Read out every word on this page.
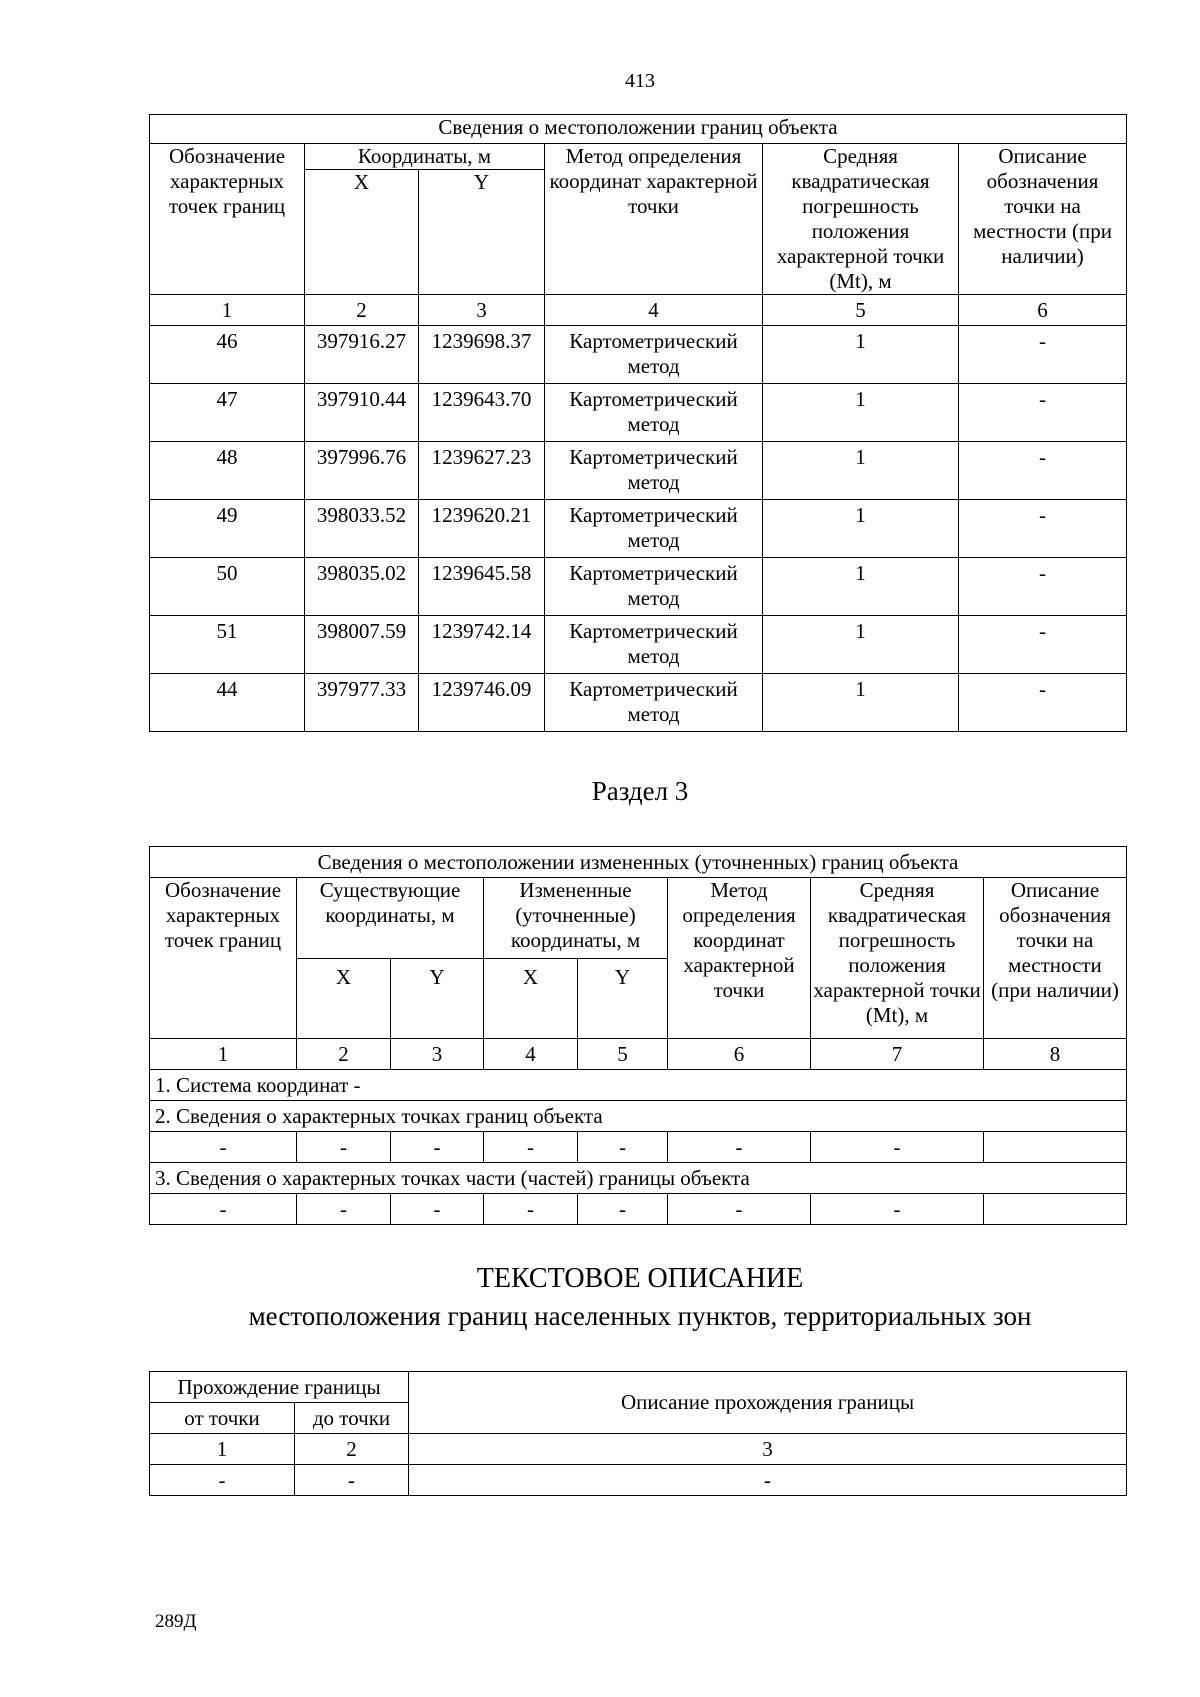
413
Сведения о местоположении границ объекта					
Обозначение характерных точек границ	Координаты, м		Метод определения координат характерной точки	Средняя квадратическая погрешность положения характерной точки (Mt), м	Описание обозначения точки на местности (при наличии)
	X	Y			
1	2	3	4	5	6
46	397916.27	1239698.37	Картометрический метод	1	-
47	397910.44	1239643.70	Картометрический метод	1	-
48	397996.76	1239627.23	Картометрический метод	1	-
49	398033.52	1239620.21	Картометрический метод	1	-
50	398035.02	1239645.58	Картометрический метод	1	-
51	398007.59	1239742.14	Картометрический метод	1	-
44	397977.33	1239746.09	Картометрический метод	1	-
Раздел 3
Сведения о местоположении измененных (уточненных) границ объекта							
Обозначение характерных точек границ	Существующие координаты, м		Измененные (уточненные) координаты, м		Метод определения координат характерной точки	Средняя квадратическая погрешность положения характерной точки (Mt), м	Описание обозначения точки на местности (при наличии)
	X	Y	X	Y			
1	2	3	4	5	6	7	8
1. Система координат -							
2. Сведения о характерных точках границ объекта							
-	-	-	-	-	-	-	
3. Сведения о характерных точках части (частей) границы объекта							
-	-	-	-	-	-	-	
ТЕКСТОВОЕ ОПИСАНИЕ
местоположения границ населенных пунктов, территориальных зон
Прохождение границы		Описание прохождения границы
от точки	до точки	
1	2	3
-	-	-
289Д
